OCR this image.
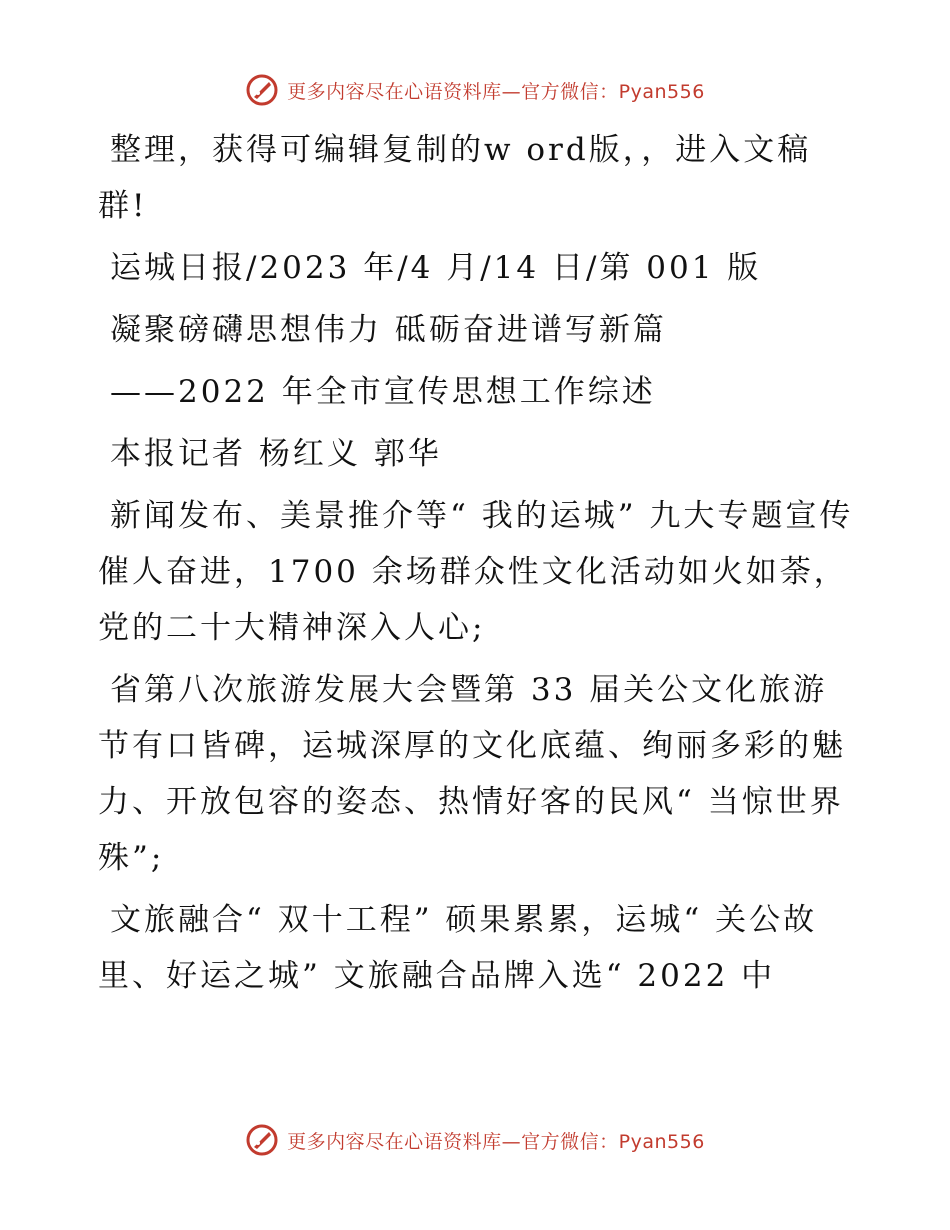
更多内容尽在心语资料库—官方微信：Pyan556

整理，获得可编辑复制的w ord版，，进入文稿群!

运城日报/2023 年/4 月/14 日/第 001 版

凝聚磅礴思想伟力 砥砺奋进谱写新篇

——2022 年全市宣传思想工作综述

本报记者 杨红义 郭华

新闻发布、美景推介等“ 我的运城” 九大专题宣传催人奋进，1700 余场群众性文化活动如火如荼，党的二十大精神深入人心;

省第八次旅游发展大会暨第 33 届关公文化旅游节有口皆碑，运城深厚的文化底蕴、绚丽多彩的魅力、开放包容的姿态、热情好客的民风“ 当惊世界殊”;

文旅融合“ 双十工程” 硕果累累，运城“ 关公故里、好运之城” 文旅融合品牌入选“ 2022 中

更多内容尽在心语资料库—官方微信：Pyan556
